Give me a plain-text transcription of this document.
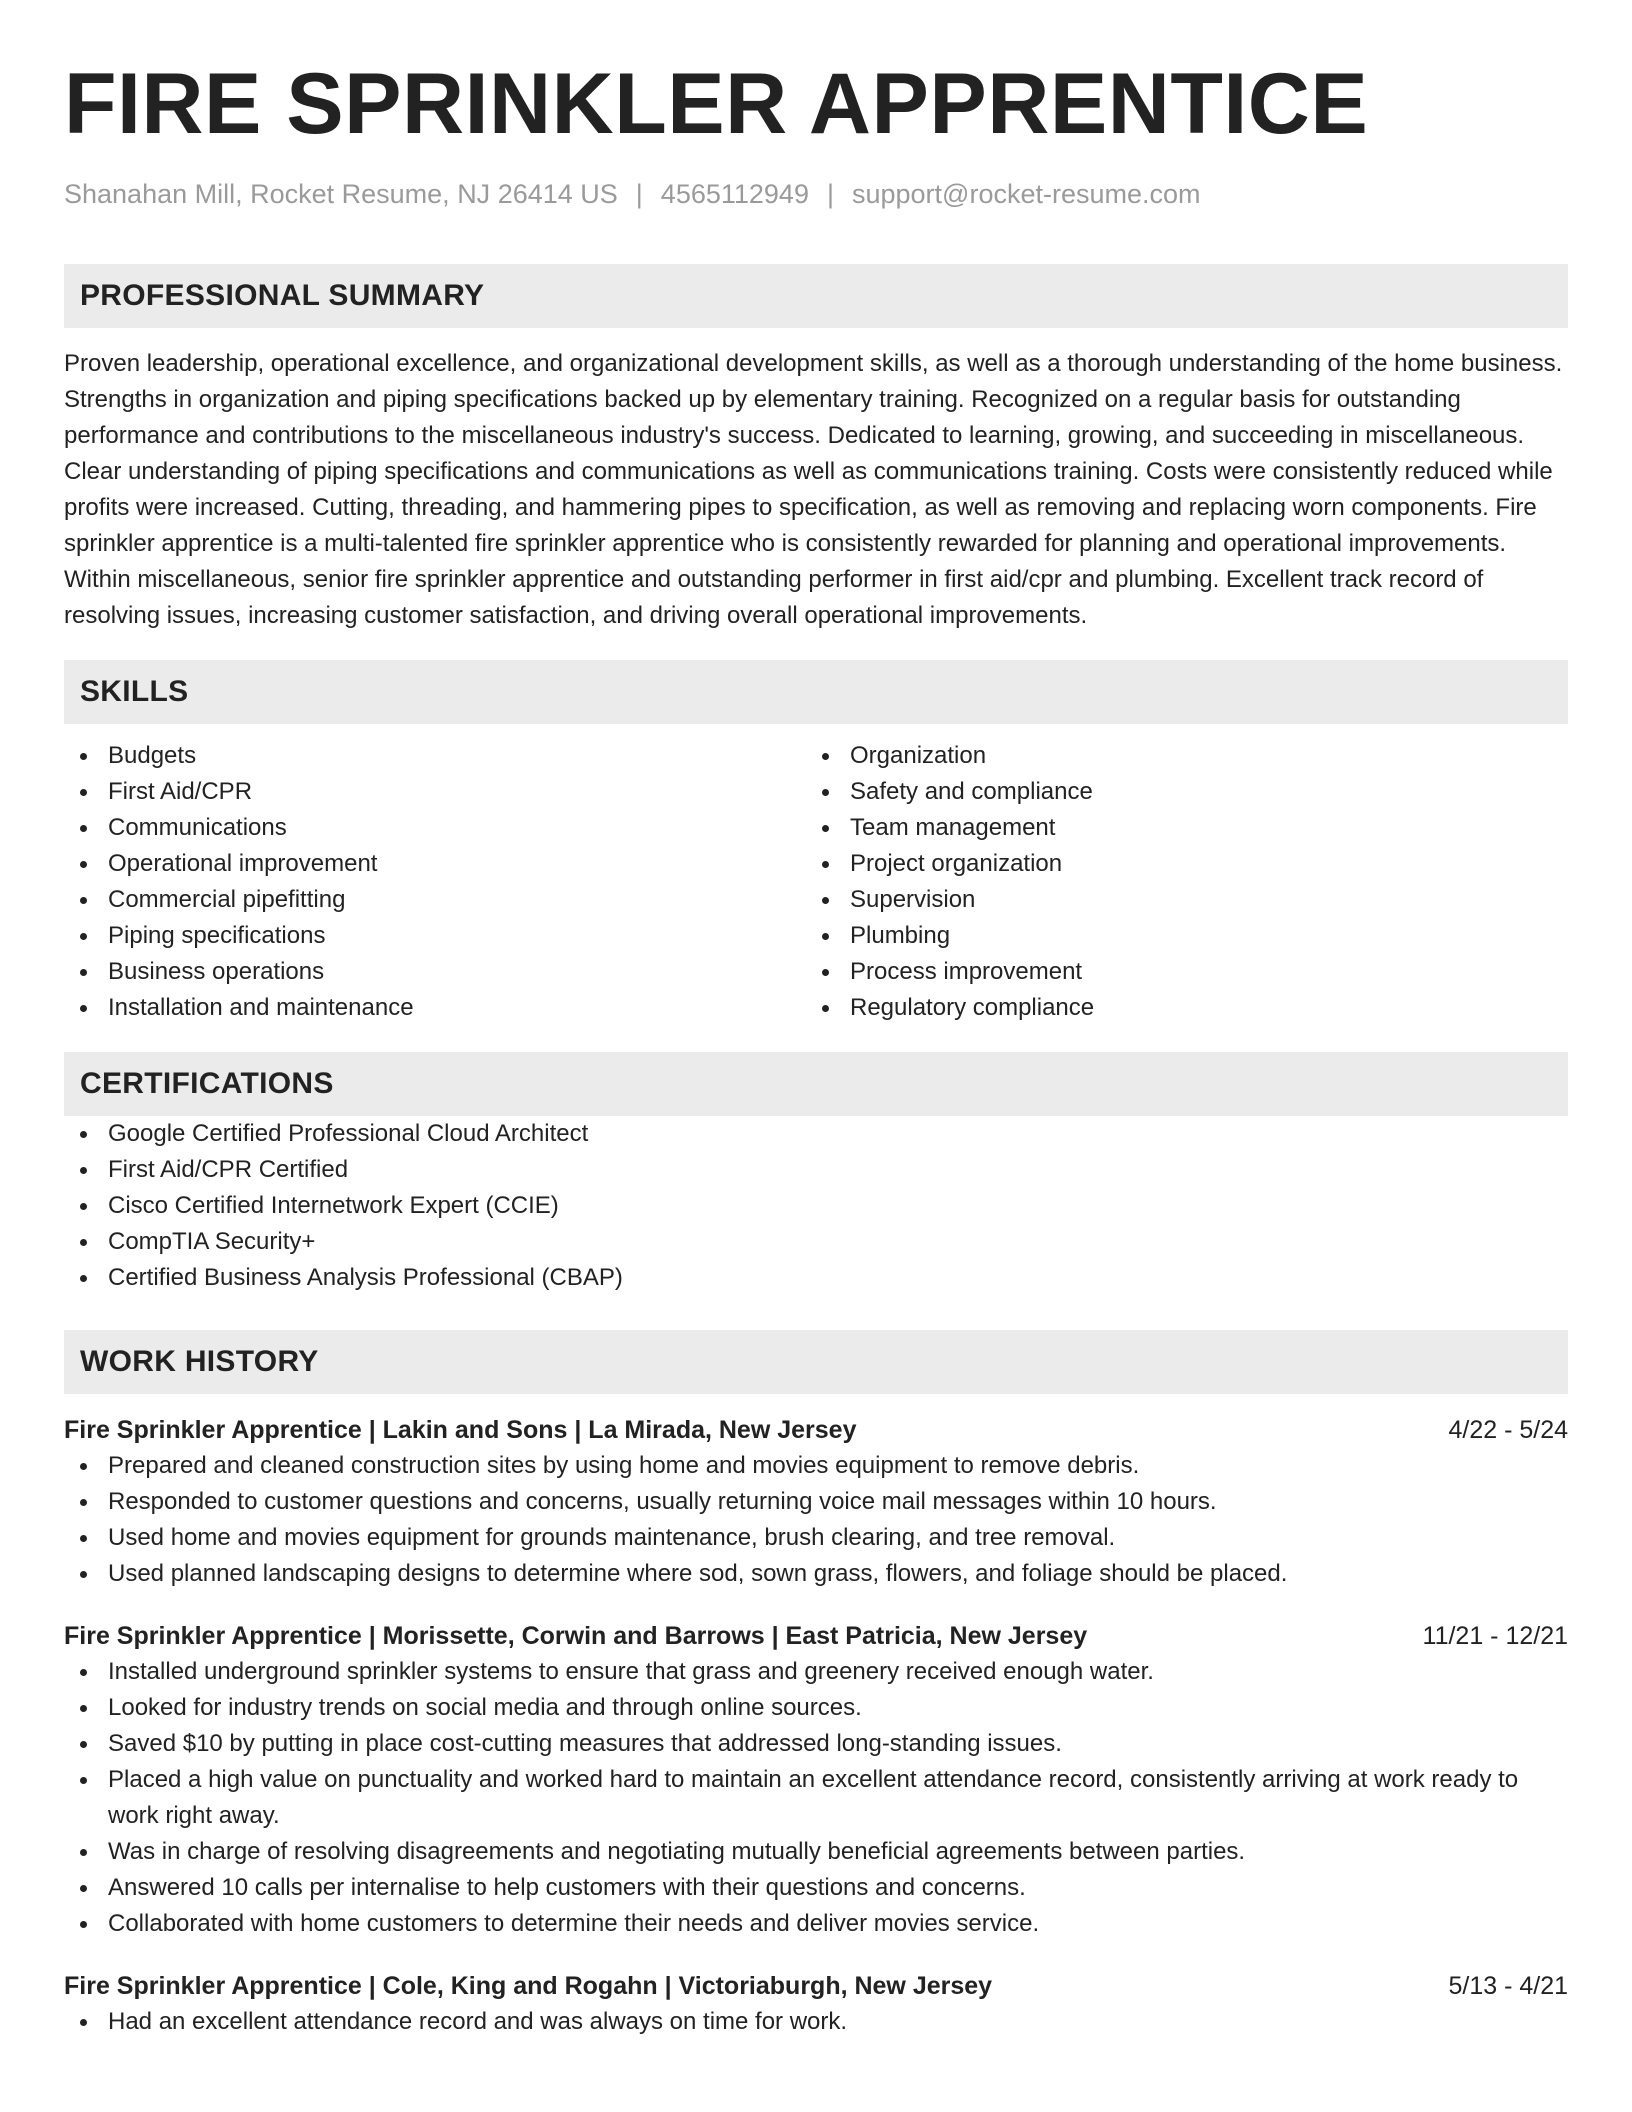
FIRE SPRINKLER APPRENTICE
Shanahan Mill, Rocket Resume, NJ 26414 US | 4565112949 | support@rocket-resume.com
PROFESSIONAL SUMMARY

Proven leadership, operational excellence, and organizational development skills, as well as a thorough understanding of the home business. Strengths in organization and piping specifications backed up by elementary training. Recognized on a regular basis for outstanding performance and contributions to the miscellaneous industry's success. Dedicated to learning, growing, and succeeding in miscellaneous. Clear understanding of piping specifications and communications as well as communications training. Costs were consistently reduced while profits were increased. Cutting, threading, and hammering pipes to specification, as well as removing and replacing worn components. Fire sprinkler apprentice is a multi-talented fire sprinkler apprentice who is consistently rewarded for planning and operational improvements. Within miscellaneous, senior fire sprinkler apprentice and outstanding performer in first aid/cpr and plumbing. Excellent track record of resolving issues, increasing customer satisfaction, and driving overall operational improvements.

SKILLS
Budgets
First Aid/CPR
Communications
Operational improvement
Commercial pipefitting
Piping specifications
Business operations
Installation and maintenance
Organization
Safety and compliance
Team management
Project organization
Supervision
Plumbing
Process improvement
Regulatory compliance
CERTIFICATIONS
Google Certified Professional Cloud Architect
First Aid/CPR Certified
Cisco Certified Internetwork Expert (CCIE)
CompTIA Security+
Certified Business Analysis Professional (CBAP)
WORK HISTORY
Fire Sprinkler Apprentice | Lakin and Sons | La Mirada, New Jersey	4/22 - 5/24
Prepared and cleaned construction sites by using home and movies equipment to remove debris.
Responded to customer questions and concerns, usually returning voice mail messages within 10 hours.
Used home and movies equipment for grounds maintenance, brush clearing, and tree removal.
Used planned landscaping designs to determine where sod, sown grass, flowers, and foliage should be placed.
Fire Sprinkler Apprentice | Morissette, Corwin and Barrows | East Patricia, New Jersey	11/21 - 12/21
Installed underground sprinkler systems to ensure that grass and greenery received enough water.
Looked for industry trends on social media and through online sources.
Saved $10 by putting in place cost-cutting measures that addressed long-standing issues.
Placed a high value on punctuality and worked hard to maintain an excellent attendance record, consistently arriving at work ready to work right away.
Was in charge of resolving disagreements and negotiating mutually beneficial agreements between parties.
Answered 10 calls per internalise to help customers with their questions and concerns.
Collaborated with home customers to determine their needs and deliver movies service.
Fire Sprinkler Apprentice | Cole, King and Rogahn | Victoriaburgh, New Jersey	5/13 - 4/21
Had an excellent attendance record and was always on time for work.
